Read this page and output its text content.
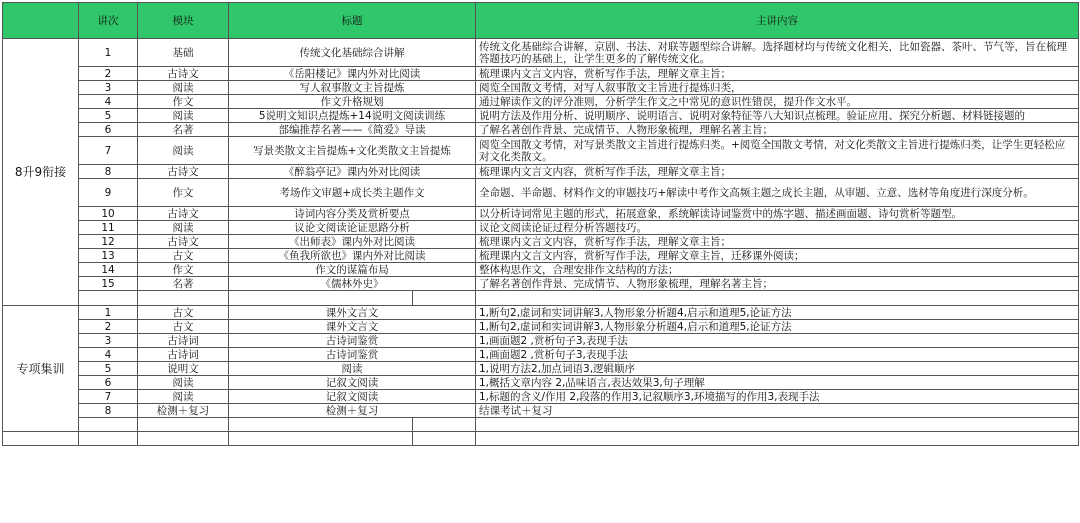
	讲次	模块	标题		主讲内容
8升9衔接	1	基础	传统文化基础综合讲解		传统文化基础综合讲解，京剧、书法、对联等题型综合讲解。选择题材均与传统文化相关，比如瓷器、茶叶、节气等，旨在梳理答题技巧的基础上，让学生更多的了解传统文化。
	2	古诗文	《岳阳楼记》课内外对比阅读		梳理课内文言文内容，赏析写作手法，理解文章主旨；
	3	阅读	写人叙事散文主旨提炼		阅览全国散文考情，对写人叙事散文主旨进行提炼归类，
	4	作文	作文升格规划		通过解读作文的评分准则，分析学生作文之中常见的意识性错误，提升作文水平。
	5	阅读	5说明文知识点提炼+14说明文阅读训练		说明方法及作用分析、说明顺序、说明语言、说明对象特征等八大知识点梳理。验证应用、探究分析题、材料链接题的
	6	名著	部编推荐名著——《简爱》导读		了解名著创作背景、完成情节、人物形象梳理，理解名著主旨；
	7	阅读	写景类散文主旨提炼+文化类散文主旨提炼		阅览全国散文考情，对写景类散文主旨进行提炼归类。+阅览全国散文考情，对文化类散文主旨进行提炼归类，让学生更轻松应对文化类散文。
	8	古诗文	《醉翁亭记》课内外对比阅读		梳理课内文言文内容，赏析写作手法，理解文章主旨；
	9	作文	考场作文审题+成长类主题作文		全命题、半命题、材料作文的审题技巧+解读中考作文高频主题之成长主题，从审题、立意、选材等角度进行深度分析。
	10	古诗文	诗词内容分类及赏析要点		以分析诗词常见主题的形式，拓展意象，系统解读诗词鉴赏中的炼字题、描述画面题、诗句赏析等题型。
	11	阅读	议论文阅读论证思路分析		议论文阅读论证过程分析答题技巧。
	12	古诗文	《出师表》课内外对比阅读		梳理课内文言文内容，赏析写作手法，理解文章主旨；
	13	古文	《鱼我所欲也》课内外对比阅读		梳理课内文言文内容，赏析写作手法，理解文章主旨，迁移课外阅读；
	14	作文	作文的谋篇布局		整体构思作文，合理安排作文结构的方法；
	15	名著	《儒林外史》		了解名著创作背景、完成情节、人物形象梳理，理解名著主旨；

专项集训	1	古文	课外文言文		1,断句2,虚词和实词讲解3,人物形象分析题4,启示和道理5,论证方法
	2	古文	课外文言文		1,断句2,虚词和实词讲解3,人物形象分析题4,启示和道理5,论证方法
	3	古诗词	古诗词鉴赏		1,画面题2 ,赏析句子3,表现手法
	4	古诗词	古诗词鉴赏		1,画面题2 ,赏析句子3,表现手法
	5	说明文	阅读		1,说明方法2,加点词语3,逻辑顺序
	6	阅读	记叙文阅读		1,概括文章内容 2,品味语言,表达效果3,句子理解
	7	阅读	记叙文阅读		1,标题的含义/作用 2,段落的作用3,记叙顺序3,环境描写的作用3,表现手法
	8	检测＋复习	检测＋复习		结课考试＋复习
